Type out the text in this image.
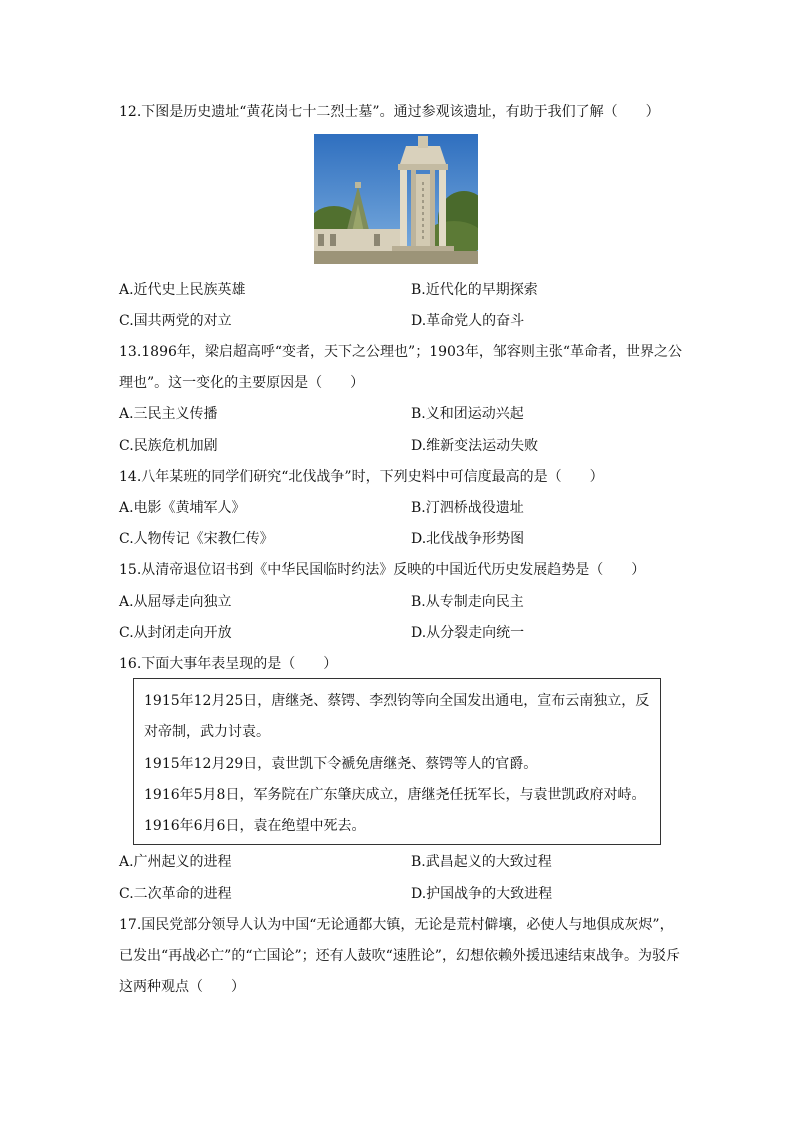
12.下图是历史遗址“黄花岗七十二烈士墓”。通过参观该遗址，有助于我们了解（　　）
A.近代史上民族英雄	B.近代化的早期探索
C.国共两党的对立	D.革命党人的奋斗
13.1896年，梁启超高呼“变者，天下之公理也”；1903年，邹容则主张“革命者，世界之公
理也”。这一变化的主要原因是（　　）
A.三民主义传播	B.义和团运动兴起
C.民族危机加剧	D.维新变法运动失败
14.八年某班的同学们研究“北伐战争”时，下列史料中可信度最高的是（　　）
A.电影《黄埔军人》	B.汀泗桥战役遗址
C.人物传记《宋教仁传》	D.北伐战争形势图
15.从清帝退位诏书到《中华民国临时约法》反映的中国近代历史发展趋势是（　　）
A.从屈辱走向独立	B.从专制走向民主
C.从封闭走向开放	D.从分裂走向统一
16.下面大事年表呈现的是（　　）
1915年12月25日，唐继尧、蔡锷、李烈钧等向全国发出通电，宣布云南独立，反
对帝制，武力讨袁。
1915年12月29日，袁世凯下令褫免唐继尧、蔡锷等人的官爵。
1916年5月8日，军务院在广东肇庆成立，唐继尧任抚军长，与袁世凯政府对峙。
1916年6月6日，袁在绝望中死去。
A.广州起义的进程	B.武昌起义的大致过程
C.二次革命的进程	D.护国战争的大致进程
17.国民党部分领导人认为中国“无论通都大镇，无论是荒村僻壤，必使人与地俱成灰烬”，
已发出“再战必亡”的“亡国论”；还有人鼓吹“速胜论”，幻想依赖外援迅速结束战争。为驳斥
这两种观点（　　）
